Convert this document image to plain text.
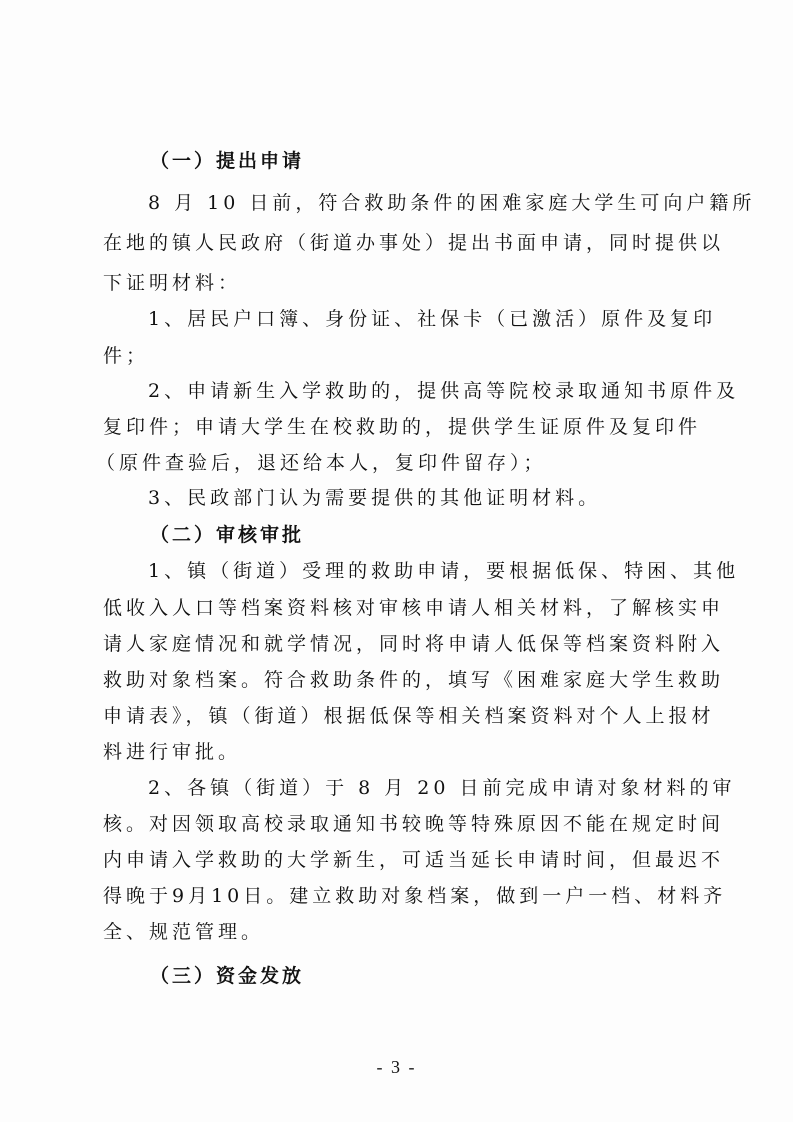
（一）提出申请
8 月 10 日前，符合救助条件的困难家庭大学生可向户籍所
在地的镇人民政府（街道办事处）提出书面申请，同时提供以
下证明材料：
1、居民户口簿、身份证、社保卡（已激活）原件及复印
件；
2、申请新生入学救助的，提供高等院校录取通知书原件及
复印件；申请大学生在校救助的，提供学生证原件及复印件
（原件查验后，退还给本人，复印件留存）；
3、民政部门认为需要提供的其他证明材料。
（二）审核审批
1、镇（街道）受理的救助申请，要根据低保、特困、其他
低收入人口等档案资料核对审核申请人相关材料，了解核实申
请人家庭情况和就学情况，同时将申请人低保等档案资料附入
救助对象档案。符合救助条件的，填写《困难家庭大学生救助
申请表》，镇（街道）根据低保等相关档案资料对个人上报材
料进行审批。
2、各镇（街道）于 8 月 20 日前完成申请对象材料的审
核。对因领取高校录取通知书较晚等特殊原因不能在规定时间
内申请入学救助的大学新生，可适当延长申请时间，但最迟不
得晚于9月10日。建立救助对象档案，做到一户一档、材料齐
全、规范管理。
（三）资金发放
- 3 -
